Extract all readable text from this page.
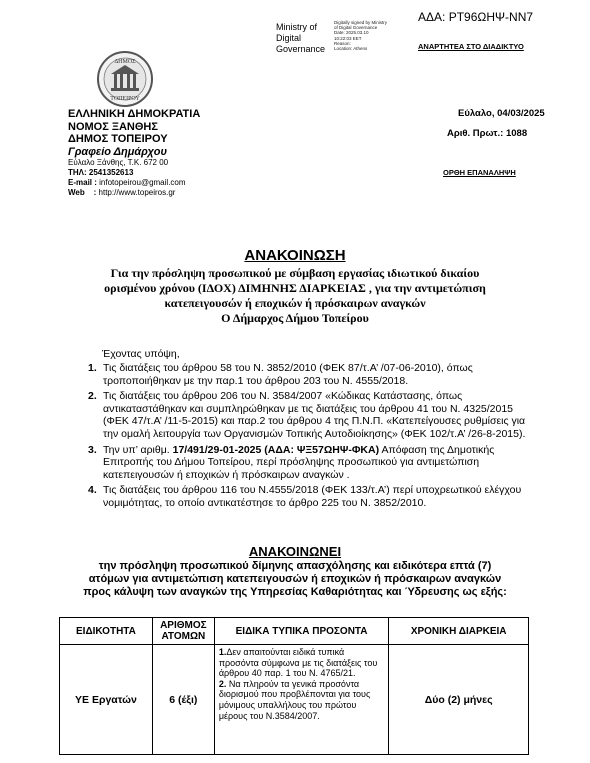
ΑΔΑ: ΡΤ96ΩΗΨ-ΝΝ7
Ministry of
Digital
Governance
Digitally signed by Ministry
of Digital Governance
Date: 2025.03.10
10:22:03 EET
Reason:
Location: Athens	ΑΝΑΡΤΗΤΕΑ ΣΤΟ ΔΙΑΔΙΚΤΥΟ
ΔΗΜΟΣ
ΤΟΠΕΙΡΟΥ
ΕΛΛΗΝΙΚΗ ΔΗΜΟΚΡΑΤΙΑ
ΝΟΜΟΣ ΞΑΝΘΗΣ
ΔΗΜΟΣ ΤΟΠΕΙΡΟΥ
Γραφείο Δημάρχου
Εύλαλο Ξάνθης, Τ.Κ. 672 00
ΤΗΛ: 2541352613
E-mail : infotopeirou@gmail.com
Web    : http://www.topeiros.gr
Εύλαλο, 04/03/2025
Αριθ. Πρωτ.: 1088
ΟΡΘΗ ΕΠΑΝΑΛΗΨΗ
ΑΝΑΚΟΙΝΩΣΗ
Για την πρόσληψη προσωπικού με σύμβαση εργασίας ιδιωτικού δικαίου
ορισμένου χρόνου (ΙΔΟΧ) ΔΙΜΗΝΗΣ ΔΙΑΡΚΕΙΑΣ , για την αντιμετώπιση
κατεπειγουσών ή εποχικών ή πρόσκαιρων αναγκών
Ο Δήμαρχος Δήμου Τοπείρου
Έχοντας υπόψη,
1. Τις διατάξεις του άρθρου 58 του Ν. 3852/2010 (ΦΕΚ 87/τ.Α’ /07-06-2010), όπως τροποποιήθηκαν με την παρ.1 του άρθρου 203 του Ν. 4555/2018.
2. Τις διατάξεις του άρθρου 206 του Ν. 3584/2007 «Κώδικας Κατάστασης, όπως αντικαταστάθηκαν και συμπληρώθηκαν με τις διατάξεις του άρθρου 41 του Ν. 4325/2015 (ΦΕΚ 47/τ.Α’ /11-5-2015) και παρ.2 του άρθρου 4 της Π.Ν.Π. «Κατεπείγουσες ρυθμίσεις για την ομαλή λειτουργία των Οργανισμών Τοπικής Αυτοδιοίκησης» (ΦΕΚ 102/τ.Α’ /26-8-2015).
3. Την υπ’ αριθμ. 17/491/29-01-2025 (ΑΔΑ: ΨΞ57ΩΗΨ-ΦΚΑ) Απόφαση της Δημοτικής Επιτροπής του Δήμου Τοπείρου, περί πρόσληψης προσωπικού για αντιμετώπιση κατεπειγουσών ή εποχικών ή πρόσκαιρων αναγκών .
4. Τις διατάξεις του άρθρου 116 του Ν.4555/2018 (ΦΕΚ 133/τ.Α’) περί υποχρεωτικού ελέγχου νομιμότητας, το οποίο αντικατέστησε το άρθρο 225 του Ν. 3852/2010.
ΑΝΑΚΟΙΝΩΝΕΙ
την πρόσληψη προσωπικού δίμηνης απασχόλησης και ειδικότερα επτά (7)
ατόμων για αντιμετώπιση κατεπειγουσών ή εποχικών ή πρόσκαιρων αναγκών
προς κάλυψη των αναγκών της Υπηρεσίας Καθαριότητας και Ύδρευσης ως εξής:
ΕΙΔΙΚΟΤΗΤΑ	ΑΡΙΘΜΟΣ ΑΤΟΜΩΝ	ΕΙΔΙΚΑ ΤΥΠΙΚΑ ΠΡΟΣΟΝΤΑ	ΧΡΟΝΙΚΗ ΔΙΑΡΚΕΙΑ
ΥΕ Εργατών	6 (έξι)	1.Δεν απαιτούνται ειδικά τυπικά προσόντα σύμφωνα με τις διατάξεις του άρθρου 40 παρ. 1 του Ν. 4765/21.
2. Να πληρούν τα γενικά προσόντα διορισμού που προβλέπονται για τους μόνιμους υπαλλήλους του πρώτου μέρους του Ν.3584/2007.	Δύο (2) μήνες
